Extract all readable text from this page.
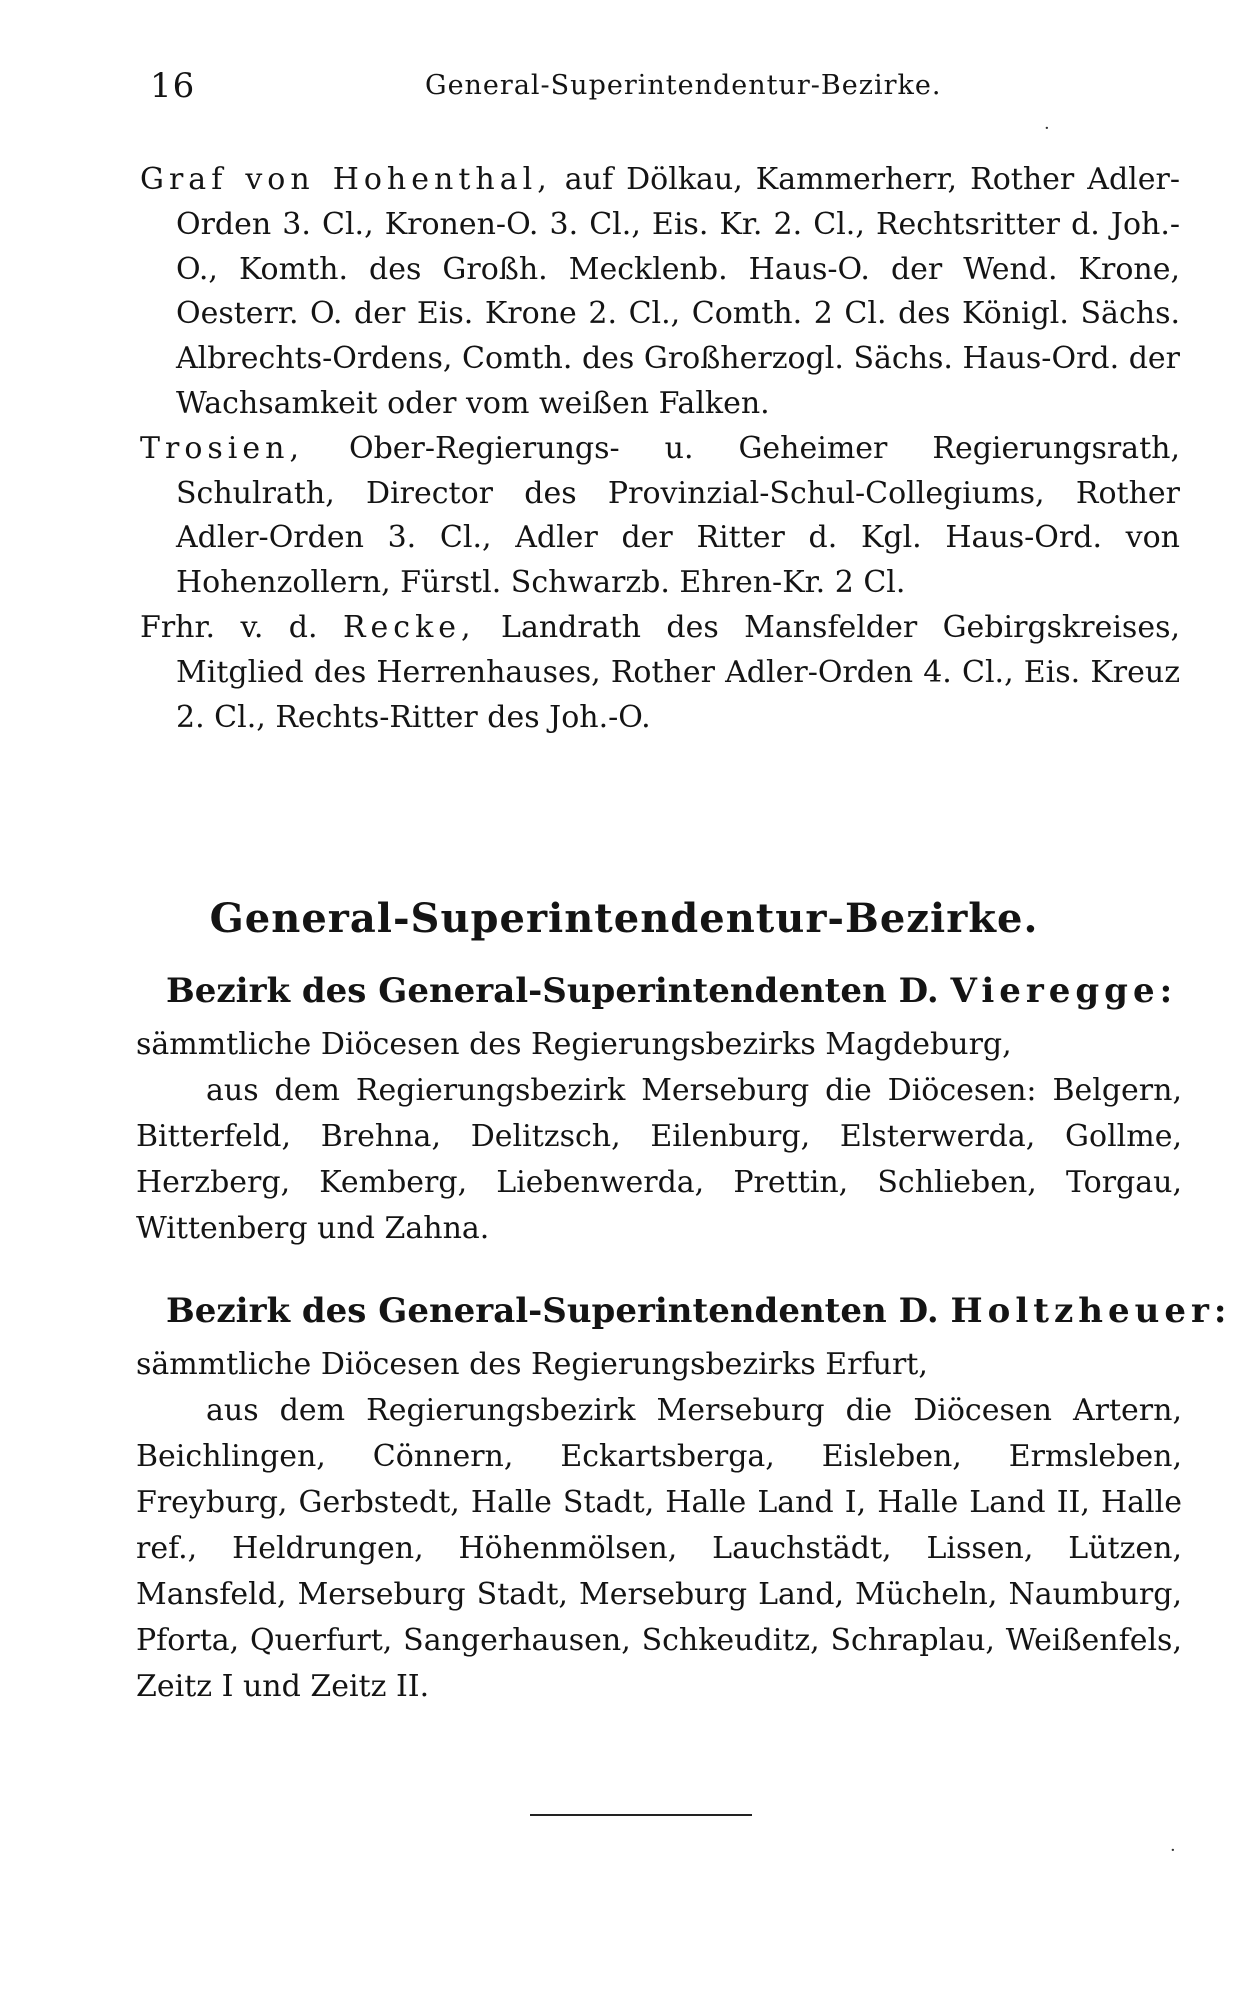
16	General-Superintendentur-Bezirke.
·
·

Graf von Hohenthal, auf Dölkau, Kammerherr, Rother Adler-Orden 3. Cl., Kronen-O. 3. Cl., Eis. Kr. 2. Cl., Rechtsritter d. Joh.-O., Komth. des Großh. Mecklenb. Haus-O. der Wend. Krone, Oesterr. O. der Eis. Krone 2. Cl., Comth. 2 Cl. des Königl. Sächs. Albrechts-Ordens, Comth. des Großherzogl. Sächs. Haus-Ord. der Wachsamkeit oder vom weißen Falken.

Trosien, Ober-Regierungs- u. Geheimer Regierungsrath, Schulrath, Director des Provinzial-Schul-Collegiums, Rother Adler-Orden 3. Cl., Adler der Ritter d. Kgl. Haus-Ord. von Hohenzollern, Fürstl. Schwarzb. Ehren-Kr. 2 Cl.

Frhr. v. d. Recke, Landrath des Mansfelder Gebirgskreises, Mitglied des Herrenhauses, Rother Adler-Orden 4. Cl., Eis. Kreuz 2. Cl., Rechts-Ritter des Joh.-O.

General-Superintendentur-Bezirke.

Bezirk des General-Superintendenten D. Vieregge:

sämmtliche Diöcesen des Regierungsbezirks Magdeburg,

aus dem Regierungsbezirk Merseburg die Diöcesen: Belgern, Bitterfeld, Brehna, Delitzsch, Eilenburg, Elsterwerda, Gollme, Herzberg, Kemberg, Liebenwerda, Prettin, Schlieben, Torgau, Wittenberg und Zahna.

Bezirk des General-Superintendenten D. Holtzheuer:

sämmtliche Diöcesen des Regierungsbezirks Erfurt,

aus dem Regierungsbezirk Merseburg die Diöcesen Artern, Beichlingen, Cönnern, Eckartsberga, Eisleben, Ermsleben, Freyburg, Gerbstedt, Halle Stadt, Halle Land I, Halle Land II, Halle ref., Heldrungen, Höhenmölsen, Lauchstädt, Lissen, Lützen, Mansfeld, Merseburg Stadt, Merseburg Land, Mücheln, Naumburg, Pforta, Querfurt, Sangerhausen, Schkeuditz, Schraplau, Weißenfels, Zeitz I und Zeitz II.
